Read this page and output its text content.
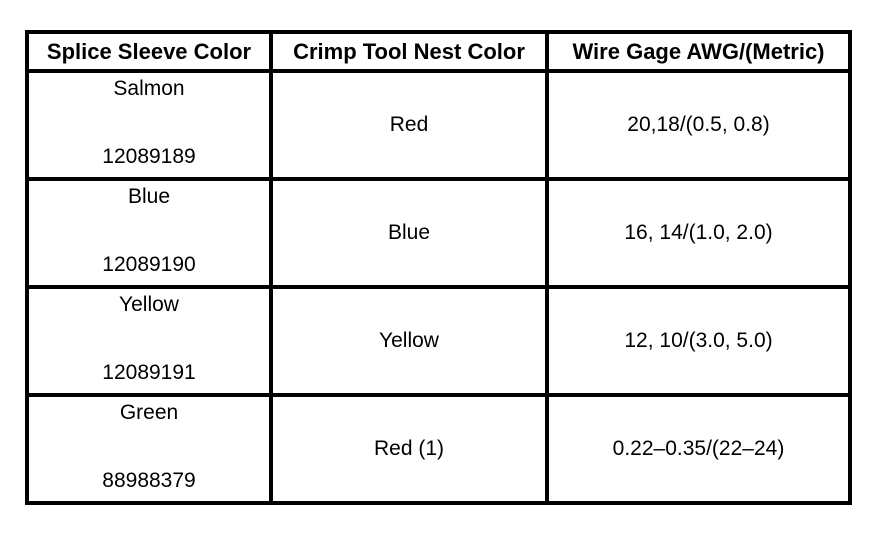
Splice Sleeve Color	Crimp Tool Nest Color	Wire Gage AWG/(Metric)

Salmon
12089189	Red	20,18/(0.5, 0.8)

Blue
12089190	Blue	16, 14/(1.0, 2.0)

Yellow
12089191	Yellow	12, 10/(3.0, 5.0)

Green
88988379	Red (1)	0.22–0.35/(22–24)
